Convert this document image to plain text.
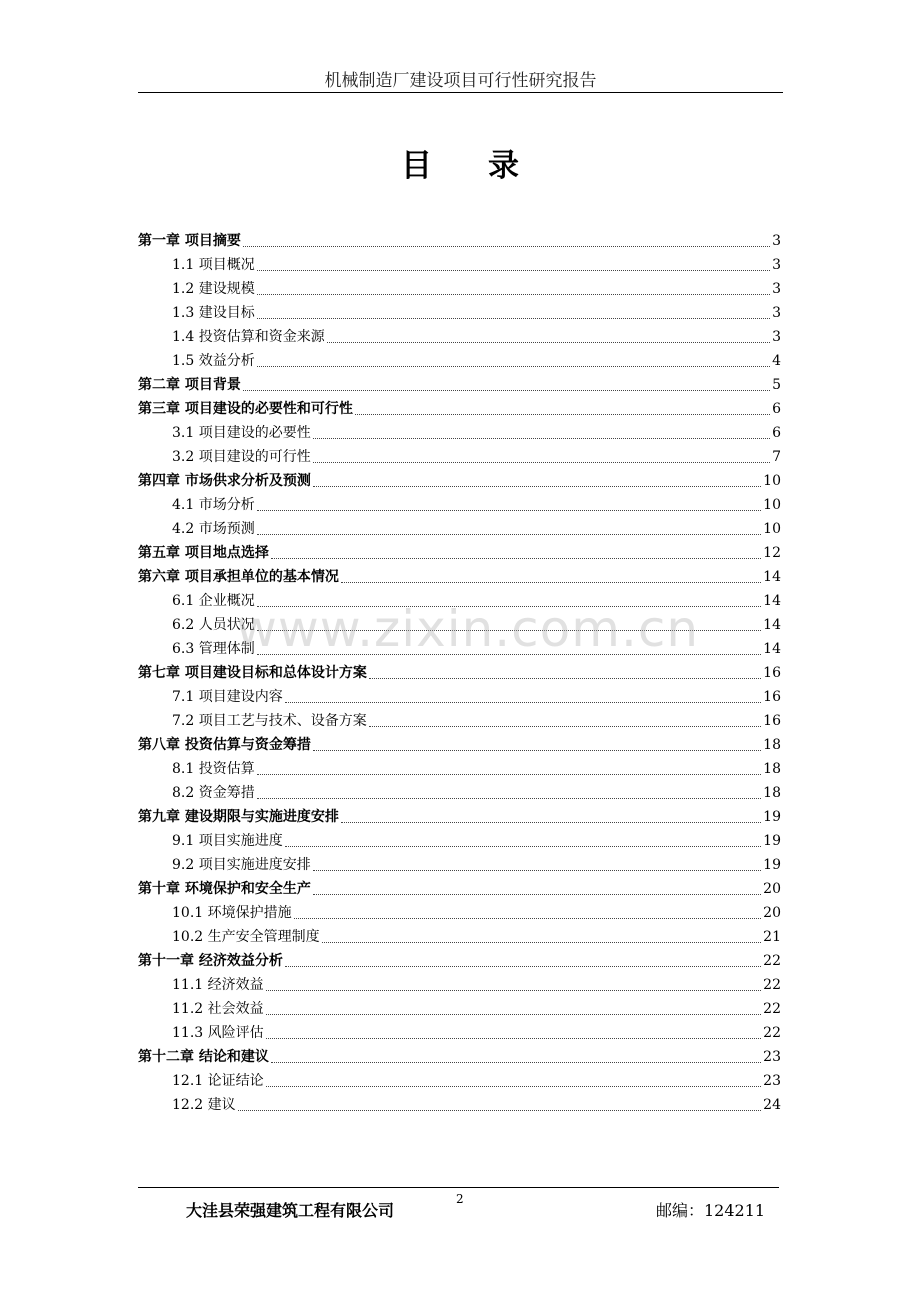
机械制造厂建设项目可行性研究报告
目录
第一章 项目摘要	3
1.1 项目概况	3
1.2 建设规模	3
1.3 建设目标	3
1.4 投资估算和资金来源	3
1.5 效益分析	4
第二章 项目背景	5
第三章 项目建设的必要性和可行性	6
3.1 项目建设的必要性	6
3.2 项目建设的可行性	7
第四章 市场供求分析及预测	10
4.1 市场分析	10
4.2 市场预测	10
第五章 项目地点选择	12
第六章 项目承担单位的基本情况	14
6.1 企业概况	14
6.2 人员状况	14
6.3 管理体制	14
第七章 项目建设目标和总体设计方案	16
7.1 项目建设内容	16
7.2 项目工艺与技术、设备方案	16
第八章 投资估算与资金筹措	18
8.1 投资估算	18
8.2 资金筹措	18
第九章 建设期限与实施进度安排	19
9.1 项目实施进度	19
9.2 项目实施进度安排	19
第十章 环境保护和安全生产	20
10.1 环境保护措施	20
10.2 生产安全管理制度	21
第十一章 经济效益分析	22
11.1 经济效益	22
11.2 社会效益	22
11.3 风险评估	22
第十二章 结论和建议	23
12.1 论证结论	23
12.2 建议	24
www.zixin.com.cn
大洼县荣强建筑工程有限公司
2
邮编：124211
